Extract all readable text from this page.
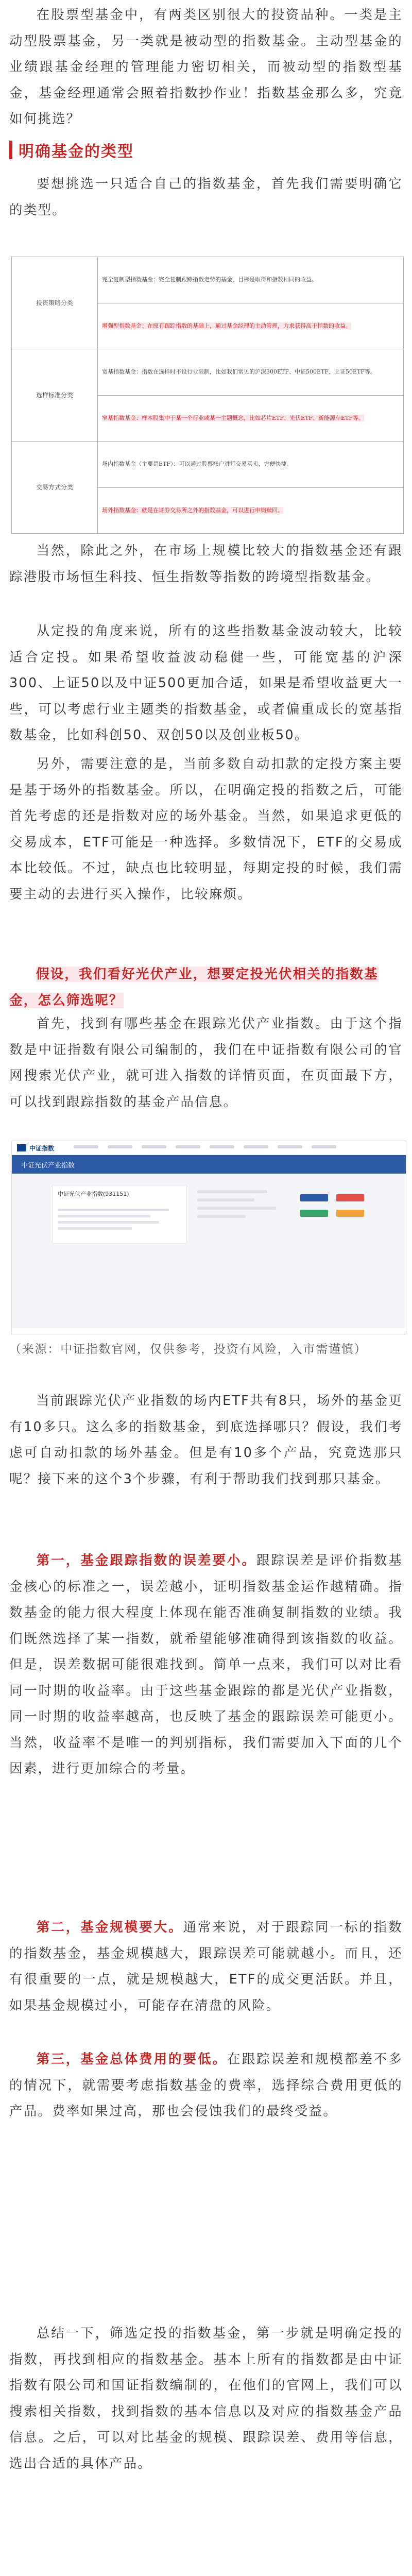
在股票型基金中，有两类区别很大的投资品种。一类是主动型股票基金，另一类就是被动型的指数基金。主动型基金的业绩跟基金经理的管理能力密切相关，而被动型的指数型基金，基金经理通常会照着指数抄作业！指数基金那么多，究竟如何挑选？

明确基金的类型

要想挑选一只适合自己的指数基金，首先我们需要明确它的类型。

投资策略分类	完全复制型指数基金：完全复制跟踪指数走势的基金，目标是取得和指数相同的收益。
	增强型指数基金：在原有跟踪指数的基础上，通过基金经理的主动管理，力求获得高于指数的收益。
选样标准分类	宽基指数基金：指数在选样时不设行业限制，比如我们常见的沪深300ETF、中证500ETF、上证50ETF等。
	窄基指数基金：样本股集中于某一个行业或某一主题概念，比如芯片ETF、光伏ETF、新能源车ETF等。
交易方式分类	场内指数基金（主要是ETF）：可以通过股票账户进行交易买卖，方便快捷。
	场外指数基金：就是在证券交易所之外的指数基金，可以进行申购赎回。

当然，除此之外，在市场上规模比较大的指数基金还有跟踪港股市场恒生科技、恒生指数等指数的跨境型指数基金。

从定投的角度来说，所有的这些指数基金波动较大，比较适合定投。如果希望收益波动稳健一些，可能宽基的沪深300、上证50以及中证500更加合适，如果是希望收益更大一些，可以考虑行业主题类的指数基金，或者偏重成长的宽基指数基金，比如科创50、双创50以及创业板50。

另外，需要注意的是，当前多数自动扣款的定投方案主要是基于场外的指数基金。所以，在明确定投的指数之后，可能首先考虑的还是指数对应的场外基金。当然，如果追求更低的交易成本，ETF可能是一种选择。多数情况下，ETF的交易成本比较低。不过，缺点也比较明显，每期定投的时候，我们需要主动的去进行买入操作，比较麻烦。

假设，我们看好光伏产业，想要定投光伏相关的指数基金，怎么筛选呢？

首先，找到有哪些基金在跟踪光伏产业指数。由于这个指数是中证指数有限公司编制的，我们在中证指数有限公司的官网搜索光伏产业，就可进入指数的详情页面，在页面最下方，可以找到跟踪指数的基金产品信息。

中证指数
中证光伏产业指数
中证光伏产业指数(931151)

（来源：中证指数官网，仅供参考，投资有风险，入市需谨慎）

当前跟踪光伏产业指数的场内ETF共有8只，场外的基金更有10多只。这么多的指数基金，到底选择哪只？假设，我们考虑可自动扣款的场外基金。但是有10多个产品，究竟选那只呢？接下来的这个3个步骤，有利于帮助我们找到那只基金。

第一，基金跟踪指数的误差要小。跟踪误差是评价指数基金核心的标准之一，误差越小，证明指数基金运作越精确。指数基金的能力很大程度上体现在能否准确复制指数的业绩。我们既然选择了某一指数，就希望能够准确得到该指数的收益。但是，误差数据可能很难找到。简单一点来，我们可以对比看同一时期的收益率。由于这些基金跟踪的都是光伏产业指数，同一时期的收益率越高，也反映了基金的跟踪误差可能更小。当然，收益率不是唯一的判别指标，我们需要加入下面的几个因素，进行更加综合的考量。

第二，基金规模要大。通常来说，对于跟踪同一标的指数的指数基金，基金规模越大，跟踪误差可能就越小。而且，还有很重要的一点，就是规模越大，ETF的成交更活跃。并且，如果基金规模过小，可能存在清盘的风险。

第三，基金总体费用的要低。在跟踪误差和规模都差不多的情况下，就需要考虑指数基金的费率，选择综合费用更低的产品。费率如果过高，那也会侵蚀我们的最终受益。

总结一下，筛选定投的指数基金，第一步就是明确定投的指数，再找到相应的指数基金。基本上所有的指数都是由中证指数有限公司和国证指数编制的，在他们的官网上，我们可以搜索相关指数，找到指数的基本信息以及对应的指数基金产品信息。之后，可以对比基金的规模、跟踪误差、费用等信息，选出合适的具体产品。
